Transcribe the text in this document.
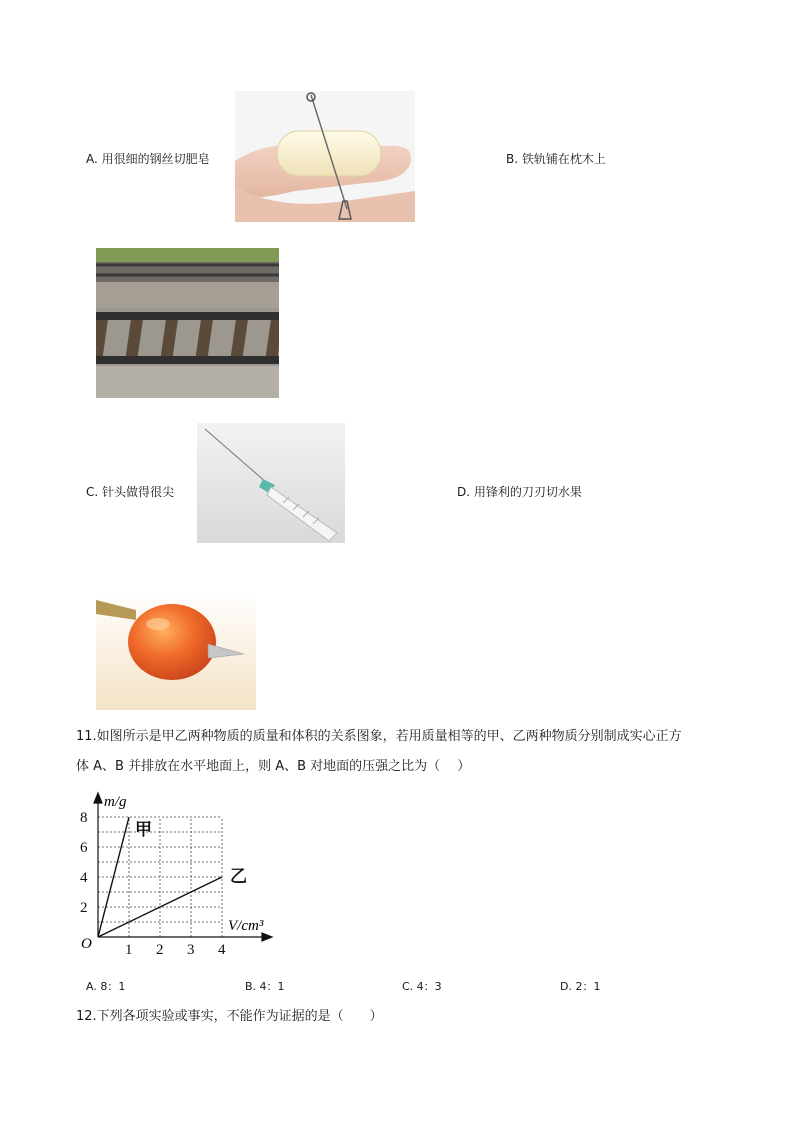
A. 用很细的钢丝切肥皂	B. 铁轨铺在枕木上
C. 针头做得很尖	D. 用锋利的刀刃切水果
11.如图所示是甲乙两种物质的质量和体积的关系图象，若用质量相等的甲、乙两种物质分别制成实心正方
体 A、B 并排放在水平地面上，则 A、B 对地面的压强之比为（　 ）
1 2 3 4
2
4
6
8
甲
乙
m/g
V/cm³
O
A. 8：1	B. 4：1	C. 4：3	D. 2：1
12.下列各项实验或事实，不能作为证据的是（　　）
